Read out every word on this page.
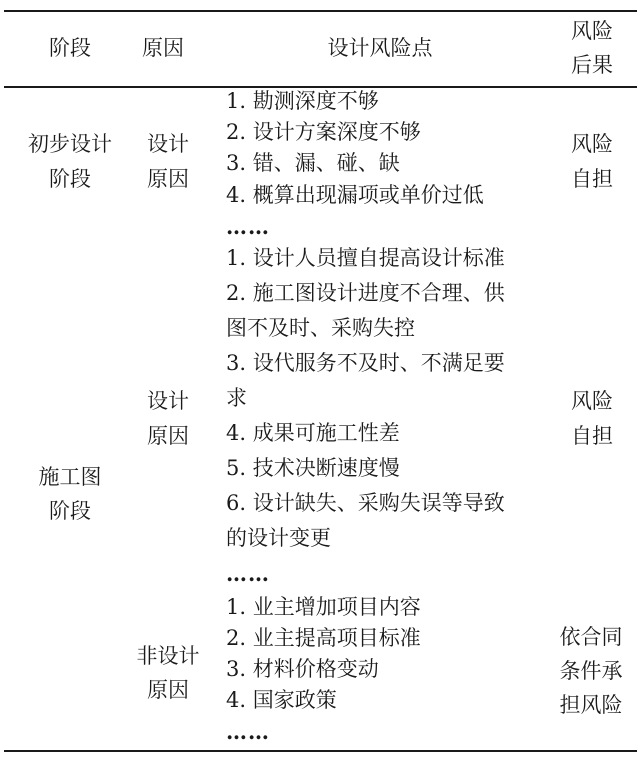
阶段	原因	设计风险点
风险
后果
初步设计
阶段
设计
原因
1. 勘测深度不够
2. 设计方案深度不够
3. 错、漏、碰、缺
4. 概算出现漏项或单价过低
……
风险
自担
施工图
阶段
设计
原因
1. 设计人员擅自提高设计标准
2. 施工图设计进度不合理、供
图不及时、采购失控
3. 设代服务不及时、不满足要
求
4. 成果可施工性差
5. 技术决断速度慢
6. 设计缺失、采购失误等导致
的设计变更
……
风险
自担
非设计
原因
1. 业主增加项目内容
2. 业主提高项目标准
3. 材料价格变动
4. 国家政策
……
依合同
条件承
担风险
